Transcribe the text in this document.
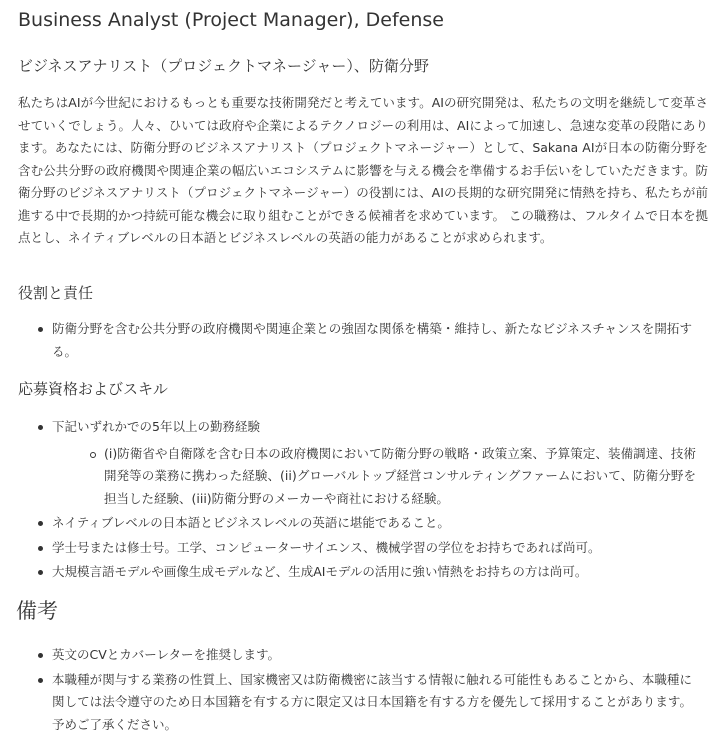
Business Analyst (Project Manager), Defense
ビジネスアナリスト（プロジェクトマネージャー）、防衛分野
私たちはAIが今世紀におけるもっとも重要な技術開発だと考えています。AIの研究開発は、私たちの文明を継続して変革させていくでしょう。人々、ひいては政府や企業によるテクノロジーの利用は、AIによって加速し、急速な変革の段階にあります。あなたには、防衛分野のビジネスアナリスト（プロジェクトマネージャー）として、Sakana AIが日本の防衛分野を含む公共分野の政府機関や関連企業の幅広いエコシステムに影響を与える機会を準備するお手伝いをしていただきます。防衛分野のビジネスアナリスト（プロジェクトマネージャー）の役割には、AIの長期的な研究開発に情熱を持ち、私たちが前進する中で長期的かつ持続可能な機会に取り組むことができる候補者を求めています。 この職務は、フルタイムで日本を拠点とし、ネイティブレベルの日本語とビジネスレベルの英語の能力があることが求められます。
役割と責任
防衛分野を含む公共分野の政府機関や関連企業との強固な関係を構築・維持し、新たなビジネスチャンスを開拓する。
応募資格およびスキル
下記いずれかでの5年以上の勤務経験
(i)防衛省や自衛隊を含む日本の政府機関において防衛分野の戦略・政策立案、予算策定、装備調達、技術開発等の業務に携わった経験、(ii)グローバルトップ経営コンサルティングファームにおいて、防衛分野を担当した経験、(iii)防衛分野のメーカーや商社における経験。
ネイティブレベルの日本語とビジネスレベルの英語に堪能であること。
学士号または修士号。工学、コンピューターサイエンス、機械学習の学位をお持ちであれば尚可。
大規模言語モデルや画像生成モデルなど、生成AIモデルの活用に強い情熱をお持ちの方は尚可。
備考
英文のCVとカバーレターを推奨します。
本職種が関与する業務の性質上、国家機密又は防衛機密に該当する情報に触れる可能性もあることから、本職種に関しては法令遵守のため日本国籍を有する方に限定又は日本国籍を有する方を優先して採用することがあります。予めご了承ください。
